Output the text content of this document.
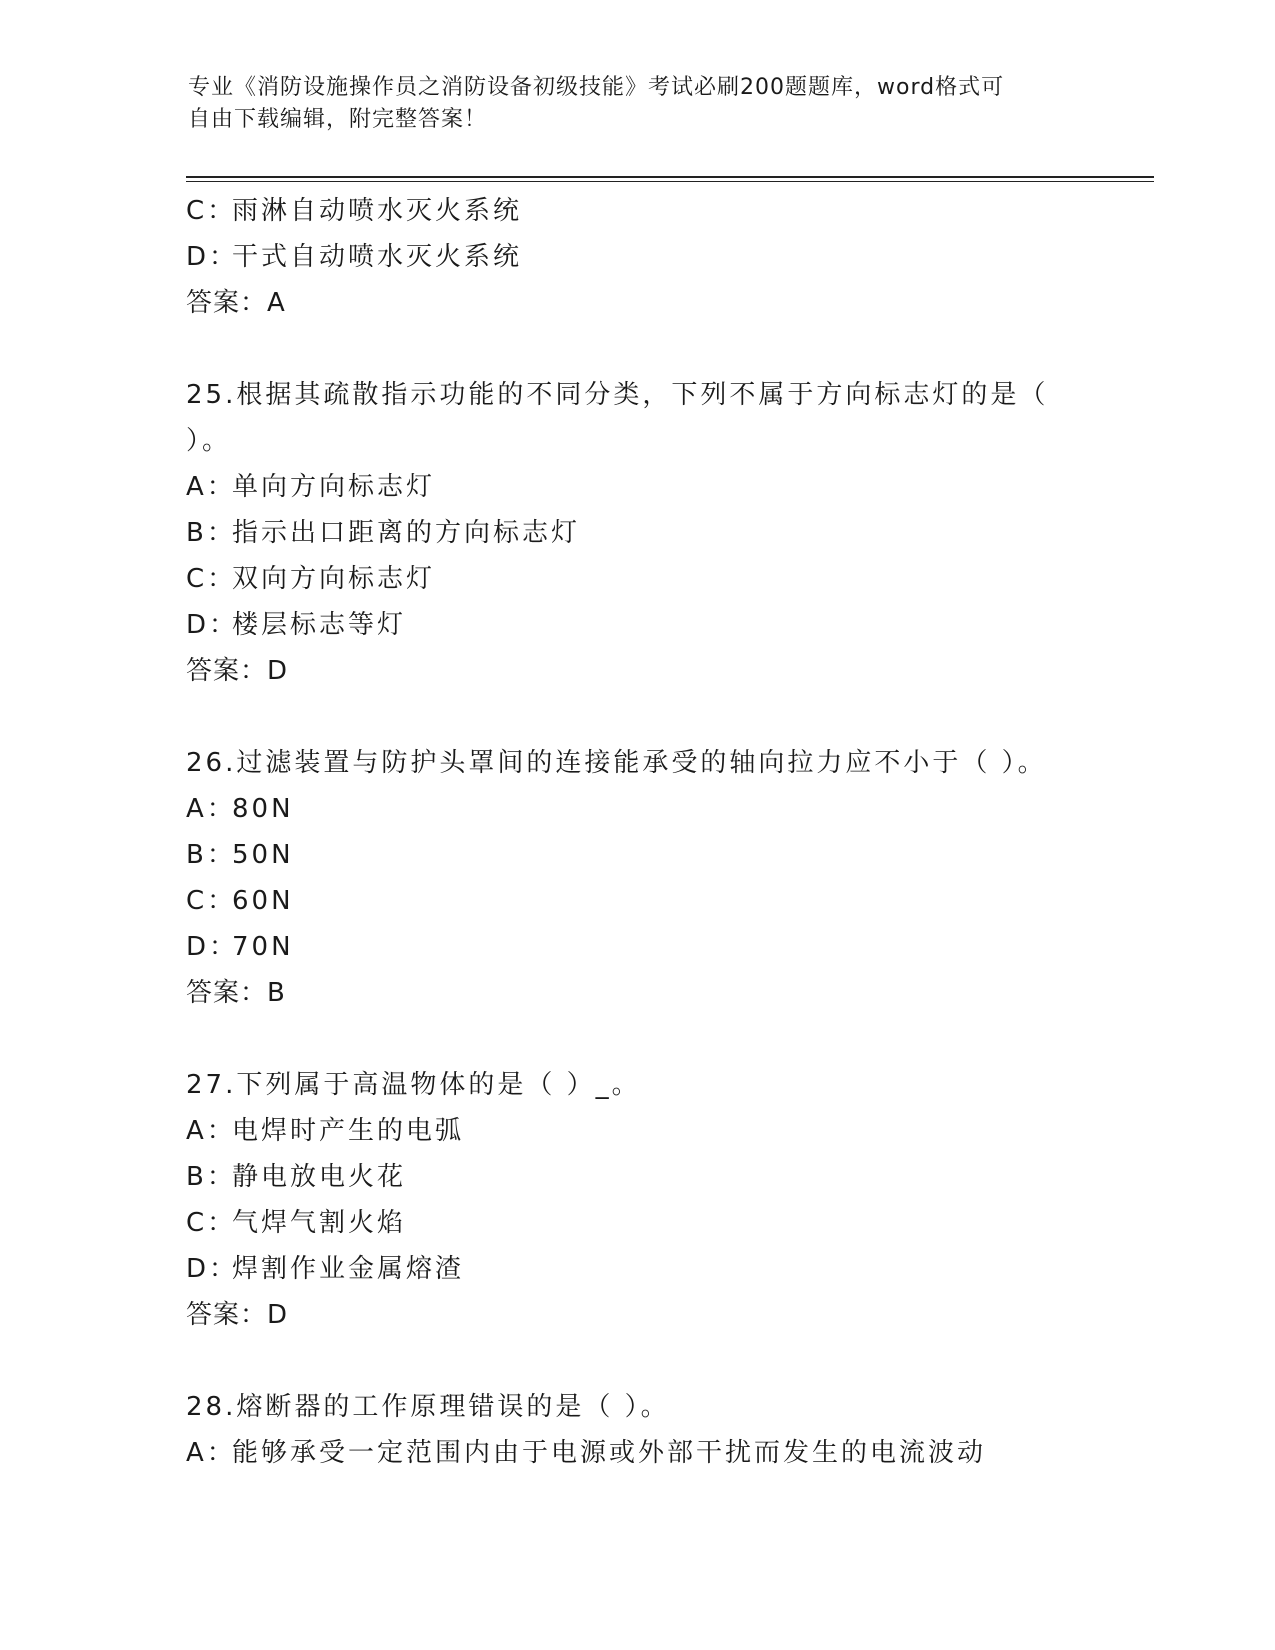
专业《消防设施操作员之消防设备初级技能》考试必刷200题题库，word格式可
自由下载编辑，附完整答案！
C：雨淋自动喷水灭火系统
D：干式自动喷水灭火系统
答案：A
25.根据其疏散指示功能的不同分类，下列不属于方向标志灯的是（
）。
A：单向方向标志灯
B：指示出口距离的方向标志灯
C：双向方向标志灯
D：楼层标志等灯
答案：D
26.过滤装置与防护头罩间的连接能承受的轴向拉力应不小于（ ）。
A：80N
B：50N
C：60N
D：70N
答案：B
27.下列属于高温物体的是（ ）_。
A：电焊时产生的电弧
B：静电放电火花
C：气焊气割火焰
D：焊割作业金属熔渣
答案：D
28.熔断器的工作原理错误的是（ ）。
A：能够承受一定范围内由于电源或外部干扰而发生的电流波动
